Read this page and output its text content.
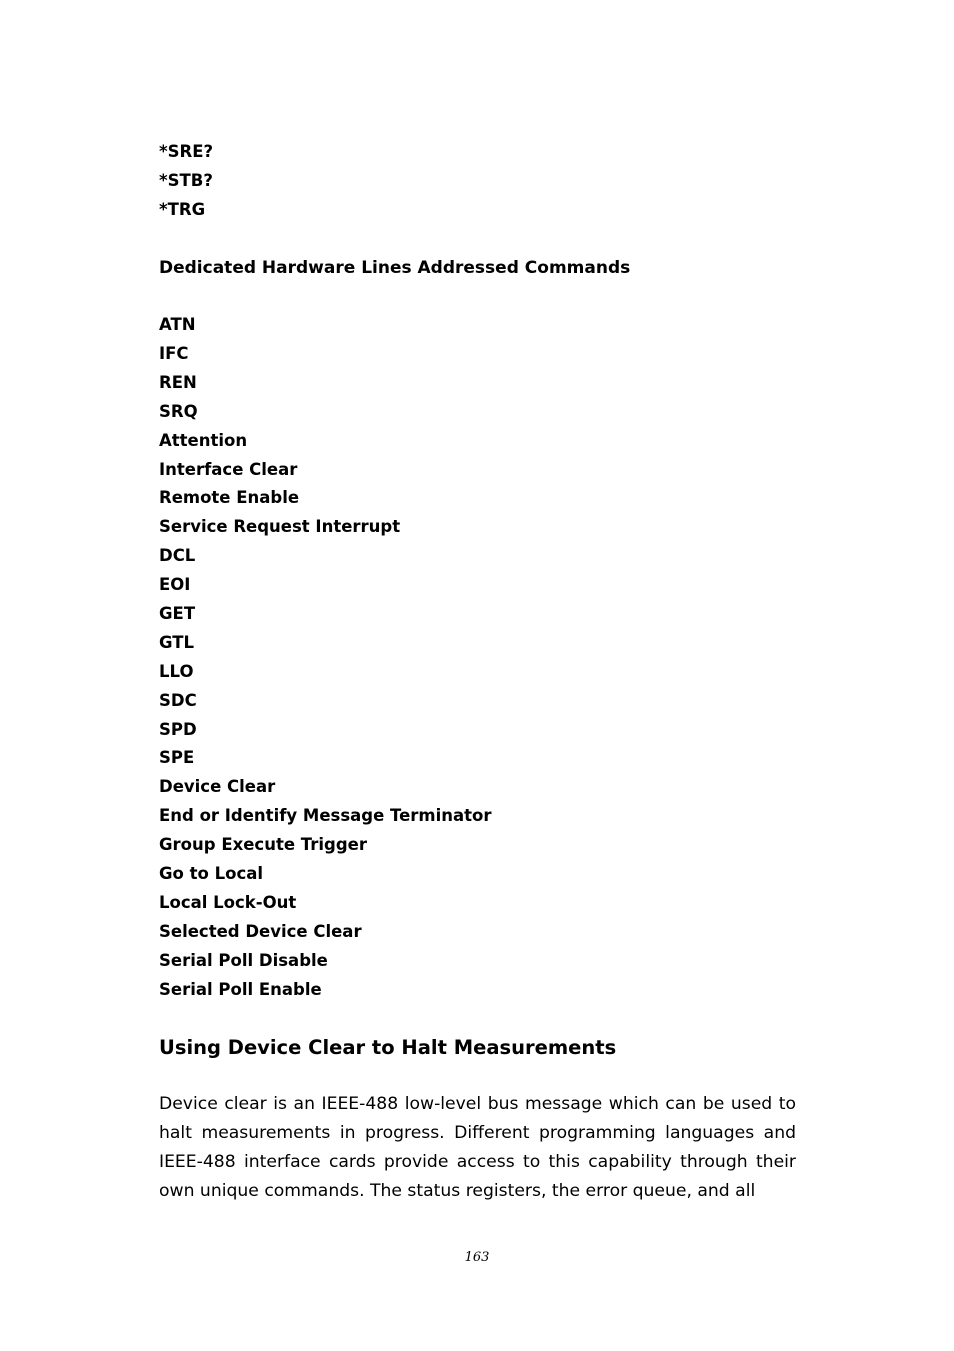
*SRE?
*STB?
*TRG
Dedicated Hardware Lines Addressed Commands
ATN
IFC
REN
SRQ
Attention
Interface Clear
Remote Enable
Service Request Interrupt
DCL
EOI
GET
GTL
LLO
SDC
SPD
SPE
Device Clear
End or Identify Message Terminator
Group Execute Trigger
Go to Local
Local Lock-Out
Selected Device Clear
Serial Poll Disable
Serial Poll Enable
Using Device Clear to Halt Measurements

Device clear is an IEEE-488 low-level bus message which can be used to halt measurements in progress. Different programming languages and IEEE-488 interface cards provide access to this capability through their own unique commands. The status registers, the error queue, and all

163
